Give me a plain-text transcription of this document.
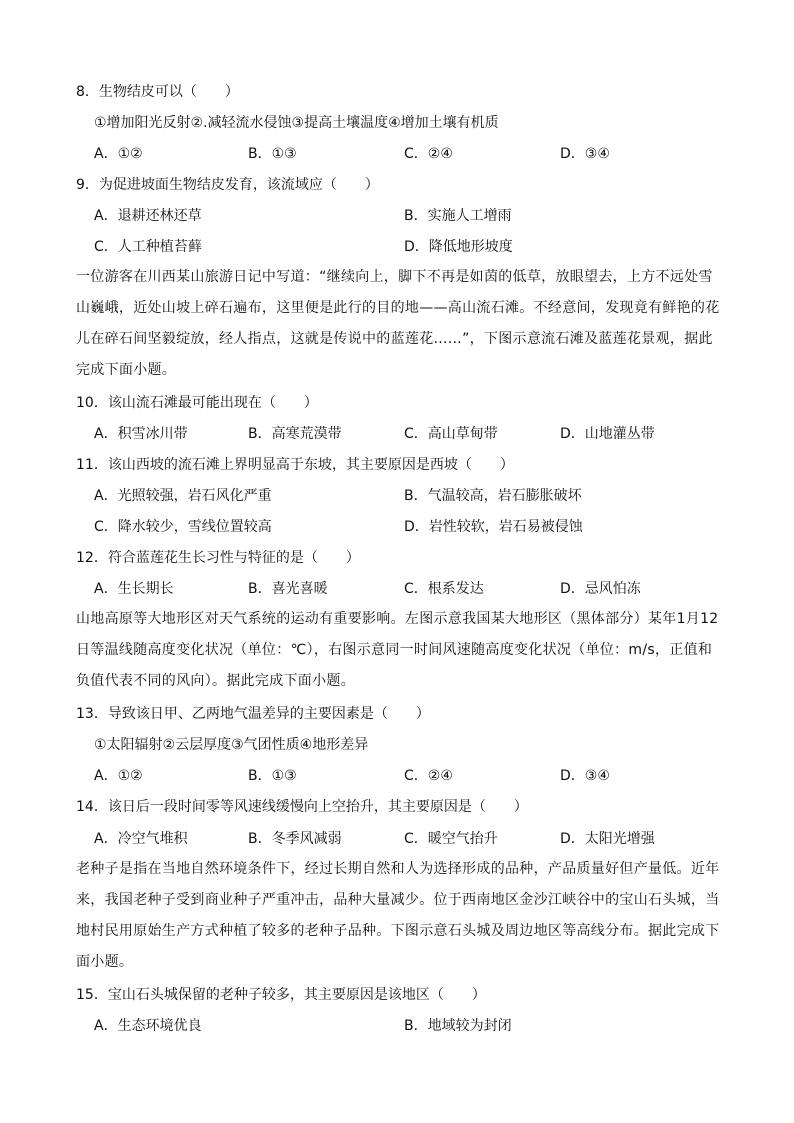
8．生物结皮可以（　　）
①增加阳光反射②.减轻流水侵蚀③提高土壤温度④增加土壤有机质
A．①②	B．①③	C．②④	D．③④
9．为促进坡面生物结皮发育，该流域应（　　）
A．退耕还林还草	B．实施人工增雨
C．人工种植苔藓	D．降低地形坡度
一位游客在川西某山旅游日记中写道：“继续向上，脚下不再是如茵的低草，放眼望去，上方不远处雪山巍峨，近处山坡上碎石遍布，这里便是此行的目的地——高山流石滩。不经意间，发现竟有鲜艳的花儿在碎石间坚毅绽放，经人指点，这就是传说中的蓝莲花……”，下图示意流石滩及蓝莲花景观，据此完成下面小题。
10．该山流石滩最可能出现在（　　）
A．积雪冰川带	B．高寒荒漠带	C．高山草甸带	D．山地灌丛带
11．该山西坡的流石滩上界明显高于东坡，其主要原因是西坡（　　）
A．光照较强，岩石风化严重	B．气温较高，岩石膨胀破坏
C．降水较少，雪线位置较高	D．岩性较软，岩石易被侵蚀
12．符合蓝莲花生长习性与特征的是（　　）
A．生长期长	B．喜光喜暖	C．根系发达	D．忌风怕冻
山地高原等大地形区对天气系统的运动有重要影响。左图示意我国某大地形区（黑体部分）某年1月12日等温线随高度变化状况（单位：℃），右图示意同一时间风速随高度变化状况（单位：m/s，正值和负值代表不同的风向）。据此完成下面小题。
13．导致该日甲、乙两地气温差异的主要因素是（　　）
①太阳辐射②云层厚度③气团性质④地形差异
A．①②	B．①③	C．②④	D．③④
14．该日后一段时间零等风速线缓慢向上空抬升，其主要原因是（　　）
A．冷空气堆积	B．冬季风减弱	C．暖空气抬升	D．太阳光增强
老种子是指在当地自然环境条件下，经过长期自然和人为选择形成的品种，产品质量好但产量低。近年来，我国老种子受到商业种子严重冲击，品种大量减少。位于西南地区金沙江峡谷中的宝山石头城，当地村民用原始生产方式种植了较多的老种子品种。下图示意石头城及周边地区等高线分布。据此完成下面小题。
15．宝山石头城保留的老种子较多，其主要原因是该地区（　　）
A．生态环境优良	B．地域较为封闭
